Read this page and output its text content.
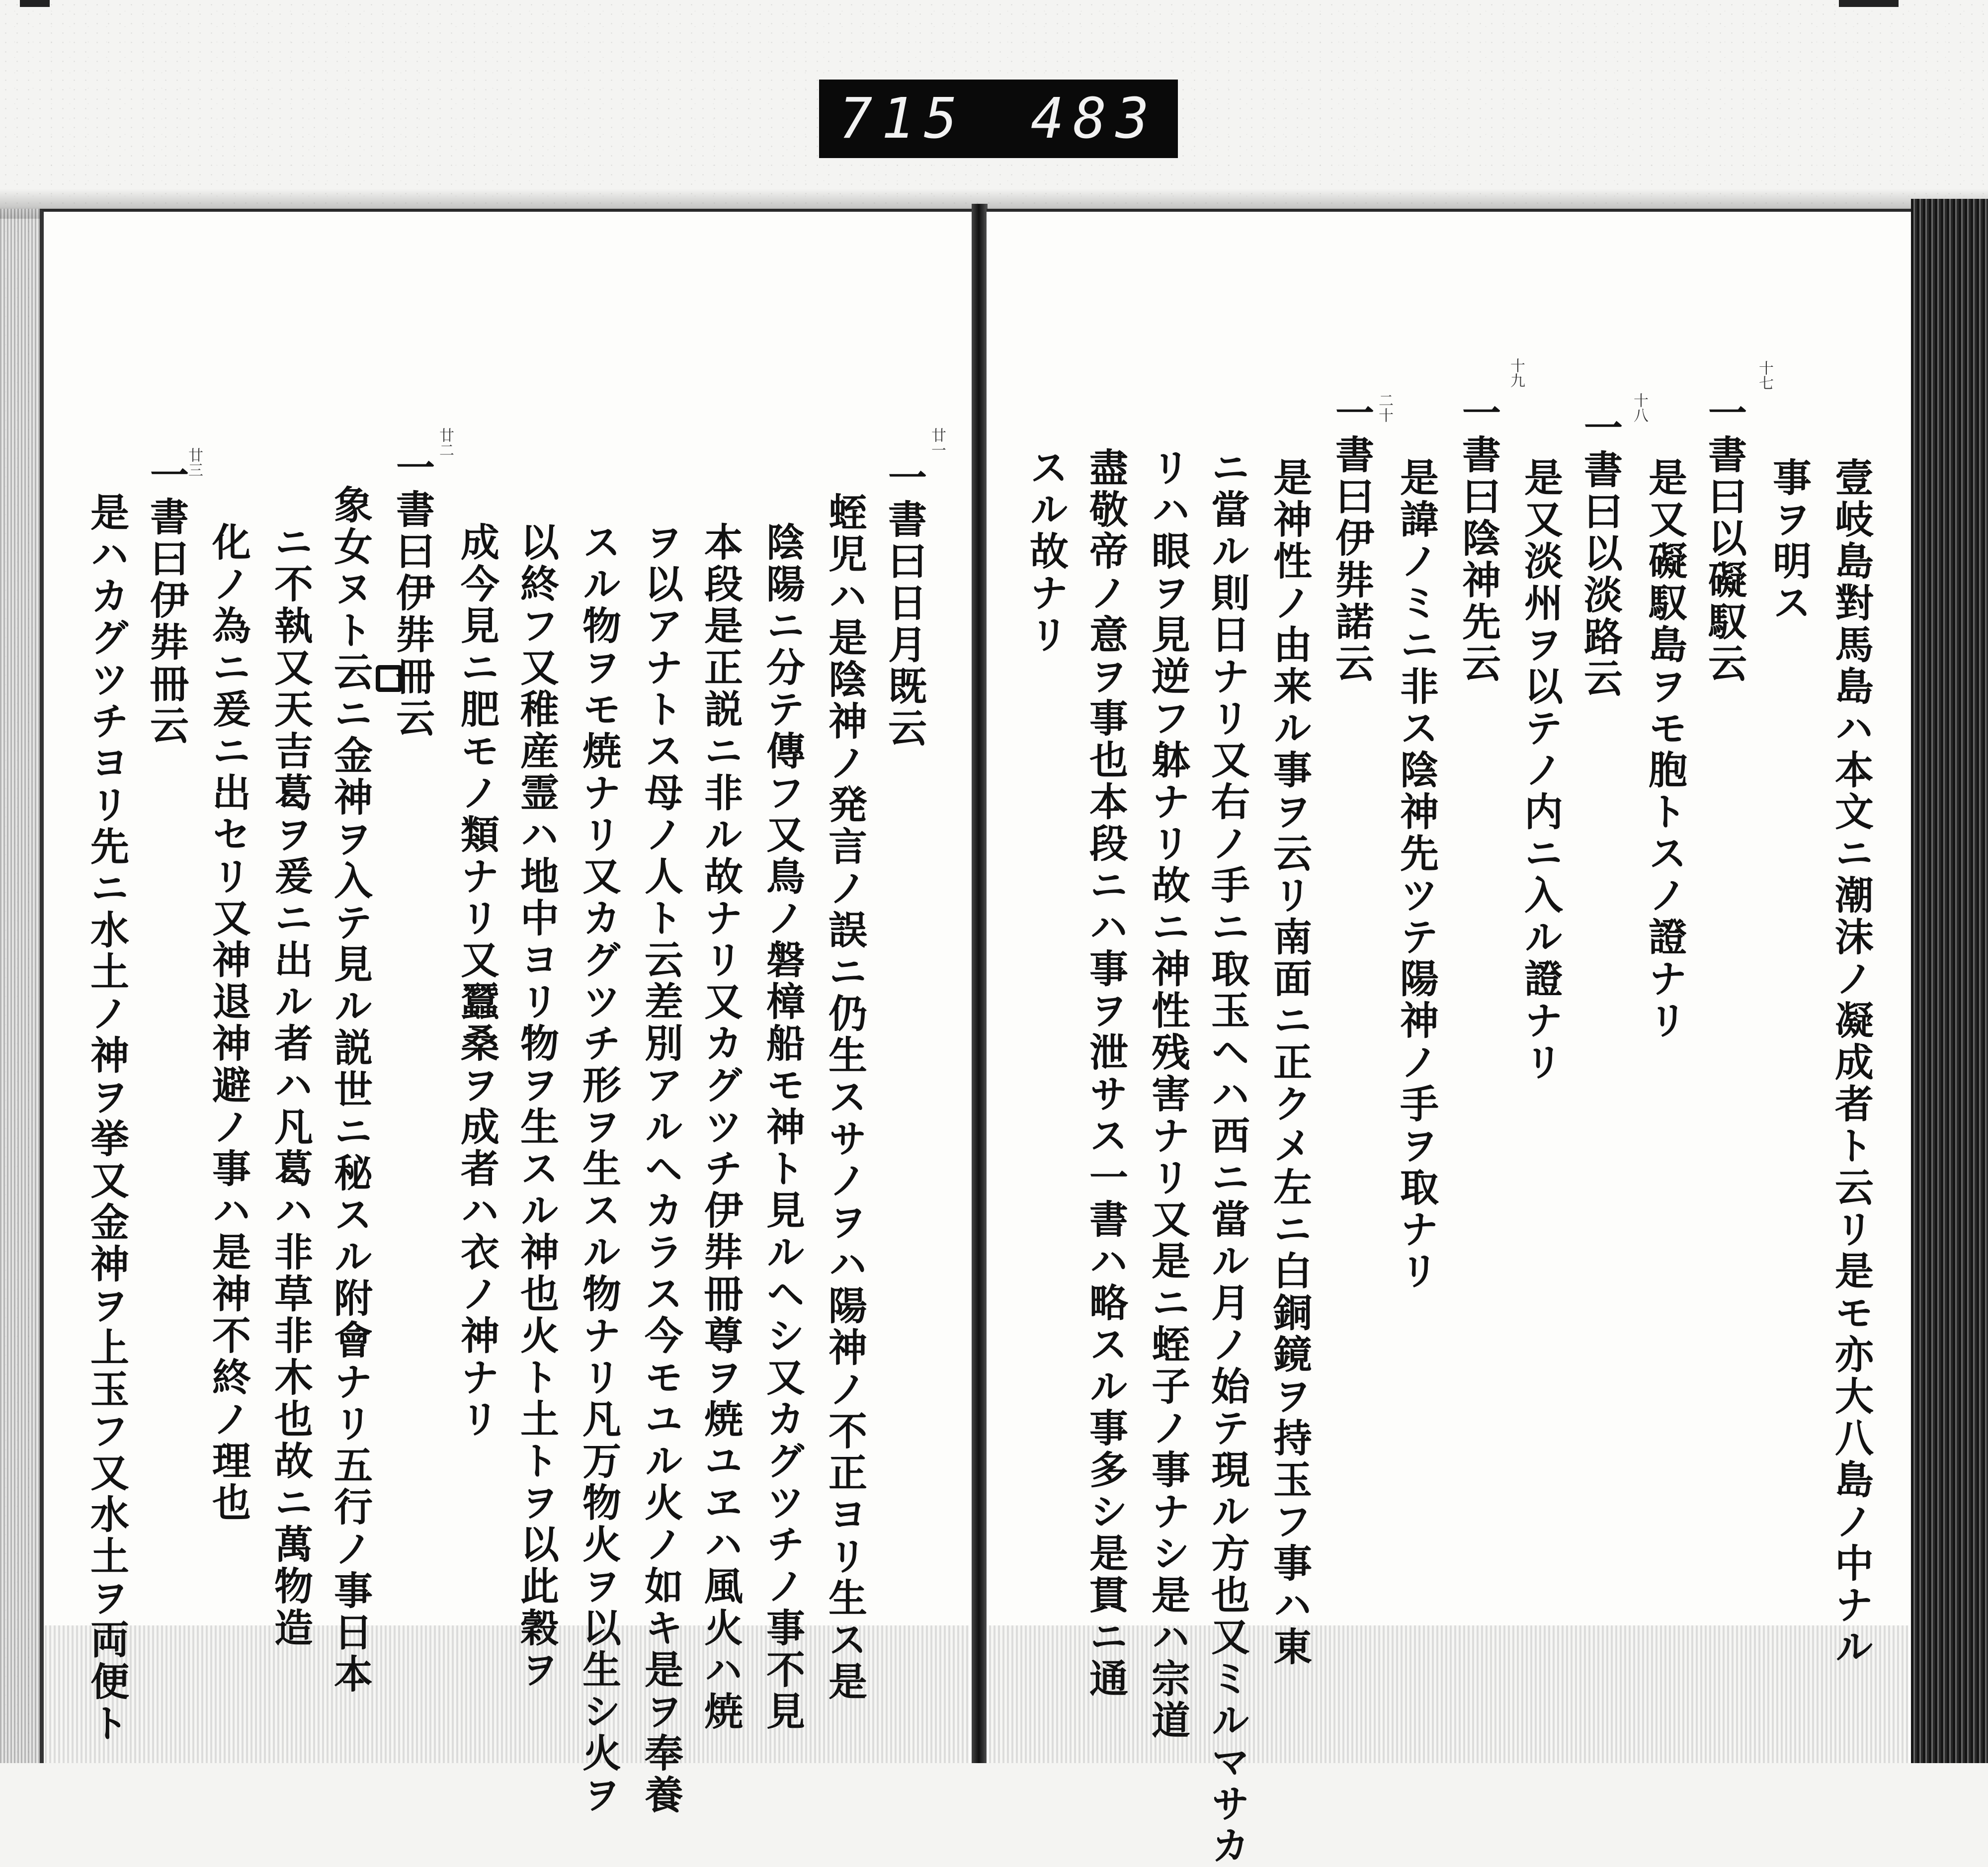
715 483
十七
十八
十九
二十
壹岐島對馬島ハ本文ニ潮沫ノ凝成者ト云リ是モ亦大八島ノ中ナル
事ヲ明ス
一書曰以礙馭云
是又礙馭島ヲモ胞トスノ證ナリ
一書曰以淡路云
是又淡州ヲ以テノ内ニ入ル證ナリ
一書曰陰神先云
是諱ノミニ非ス陰神先ツテ陽神ノ手ヲ取ナリ
一書曰伊弉諾云
是神性ノ由来ル事ヲ云リ南面ニ正クメ左ニ白銅鏡ヲ持玉フ事ハ東
ニ當ル則日ナリ又右ノ手ニ取玉ヘハ西ニ當ル月ノ始テ現ル方也又ミルマサカ
リハ眼ヲ見逆フ躰ナリ故ニ神性残害ナリ又是ニ蛭子ノ事ナシ是ハ宗道
盡敬帝ノ意ヲ事也本段ニハ事ヲ泄サス一書ハ略スル事多シ是貫ニ通
スル故ナリ
廿一
廿二
廿三	一書曰日月既云
蛭児ハ是陰神ノ発言ノ誤ニ仍生スサノヲハ陽神ノ不正ヨリ生ス是
陰陽ニ分テ傳フ又鳥ノ磐樟船モ神ト見ルヘシ又カグツチノ事不見
本段是正説ニ非ル故ナリ又カグツチ伊弉冊尊ヲ焼ユヱハ風火ハ焼
ヲ以アナトス母ノ人ト云差別アルヘカラス今モユル火ノ如キ是ヲ奉養
スル物ヲモ焼ナリ又カグツチ形ヲ生スル物ナリ凡万物火ヲ以生シ火ヲ
以終フ又稚産霊ハ地中ヨリ物ヲ生スル神也火ト土トヲ以此穀ヲ
成今見ニ肥モノ類ナリ又蠶桑ヲ成者ハ衣ノ神ナリ
一書曰伊弉冊云
象女ヌト云ニ金神ヲ入テ見ル説世ニ秘スル附會ナリ五行ノ事日本
ニ不執又天吉葛ヲ爰ニ出ル者ハ凡葛ハ非草非木也故ニ萬物造
化ノ為ニ爰ニ出セリ又神退神避ノ事ハ是神不終ノ理也
一書曰伊弉冊云
是ハカグツチヨリ先ニ水土ノ神ヲ挙又金神ヲ上玉フ又水土ヲ両便ト
